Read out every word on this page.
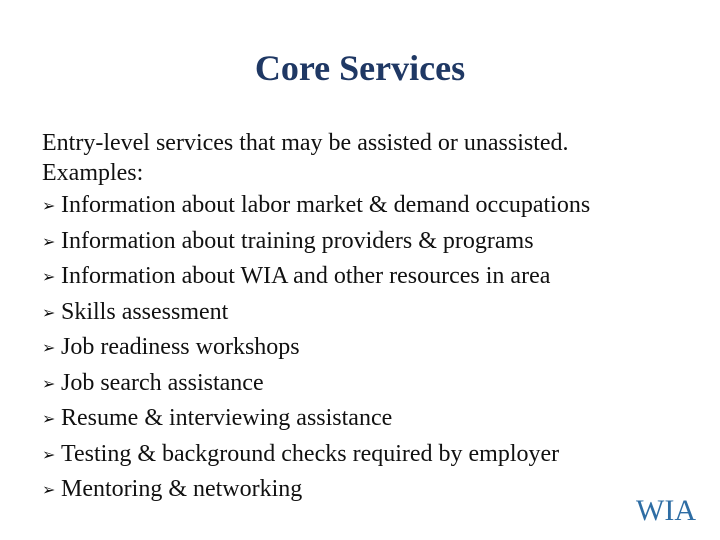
Core Services
Entry-level services that may be assisted or unassisted.
Examples:
➢ Information about labor market & demand occupations
➢ Information about training providers & programs
➢ Information about WIA and other resources in area
➢ Skills assessment
➢ Job readiness workshops
➢ Job search assistance
➢ Resume & interviewing assistance
➢ Testing & background checks required by employer
➢ Mentoring & networking
WIA
